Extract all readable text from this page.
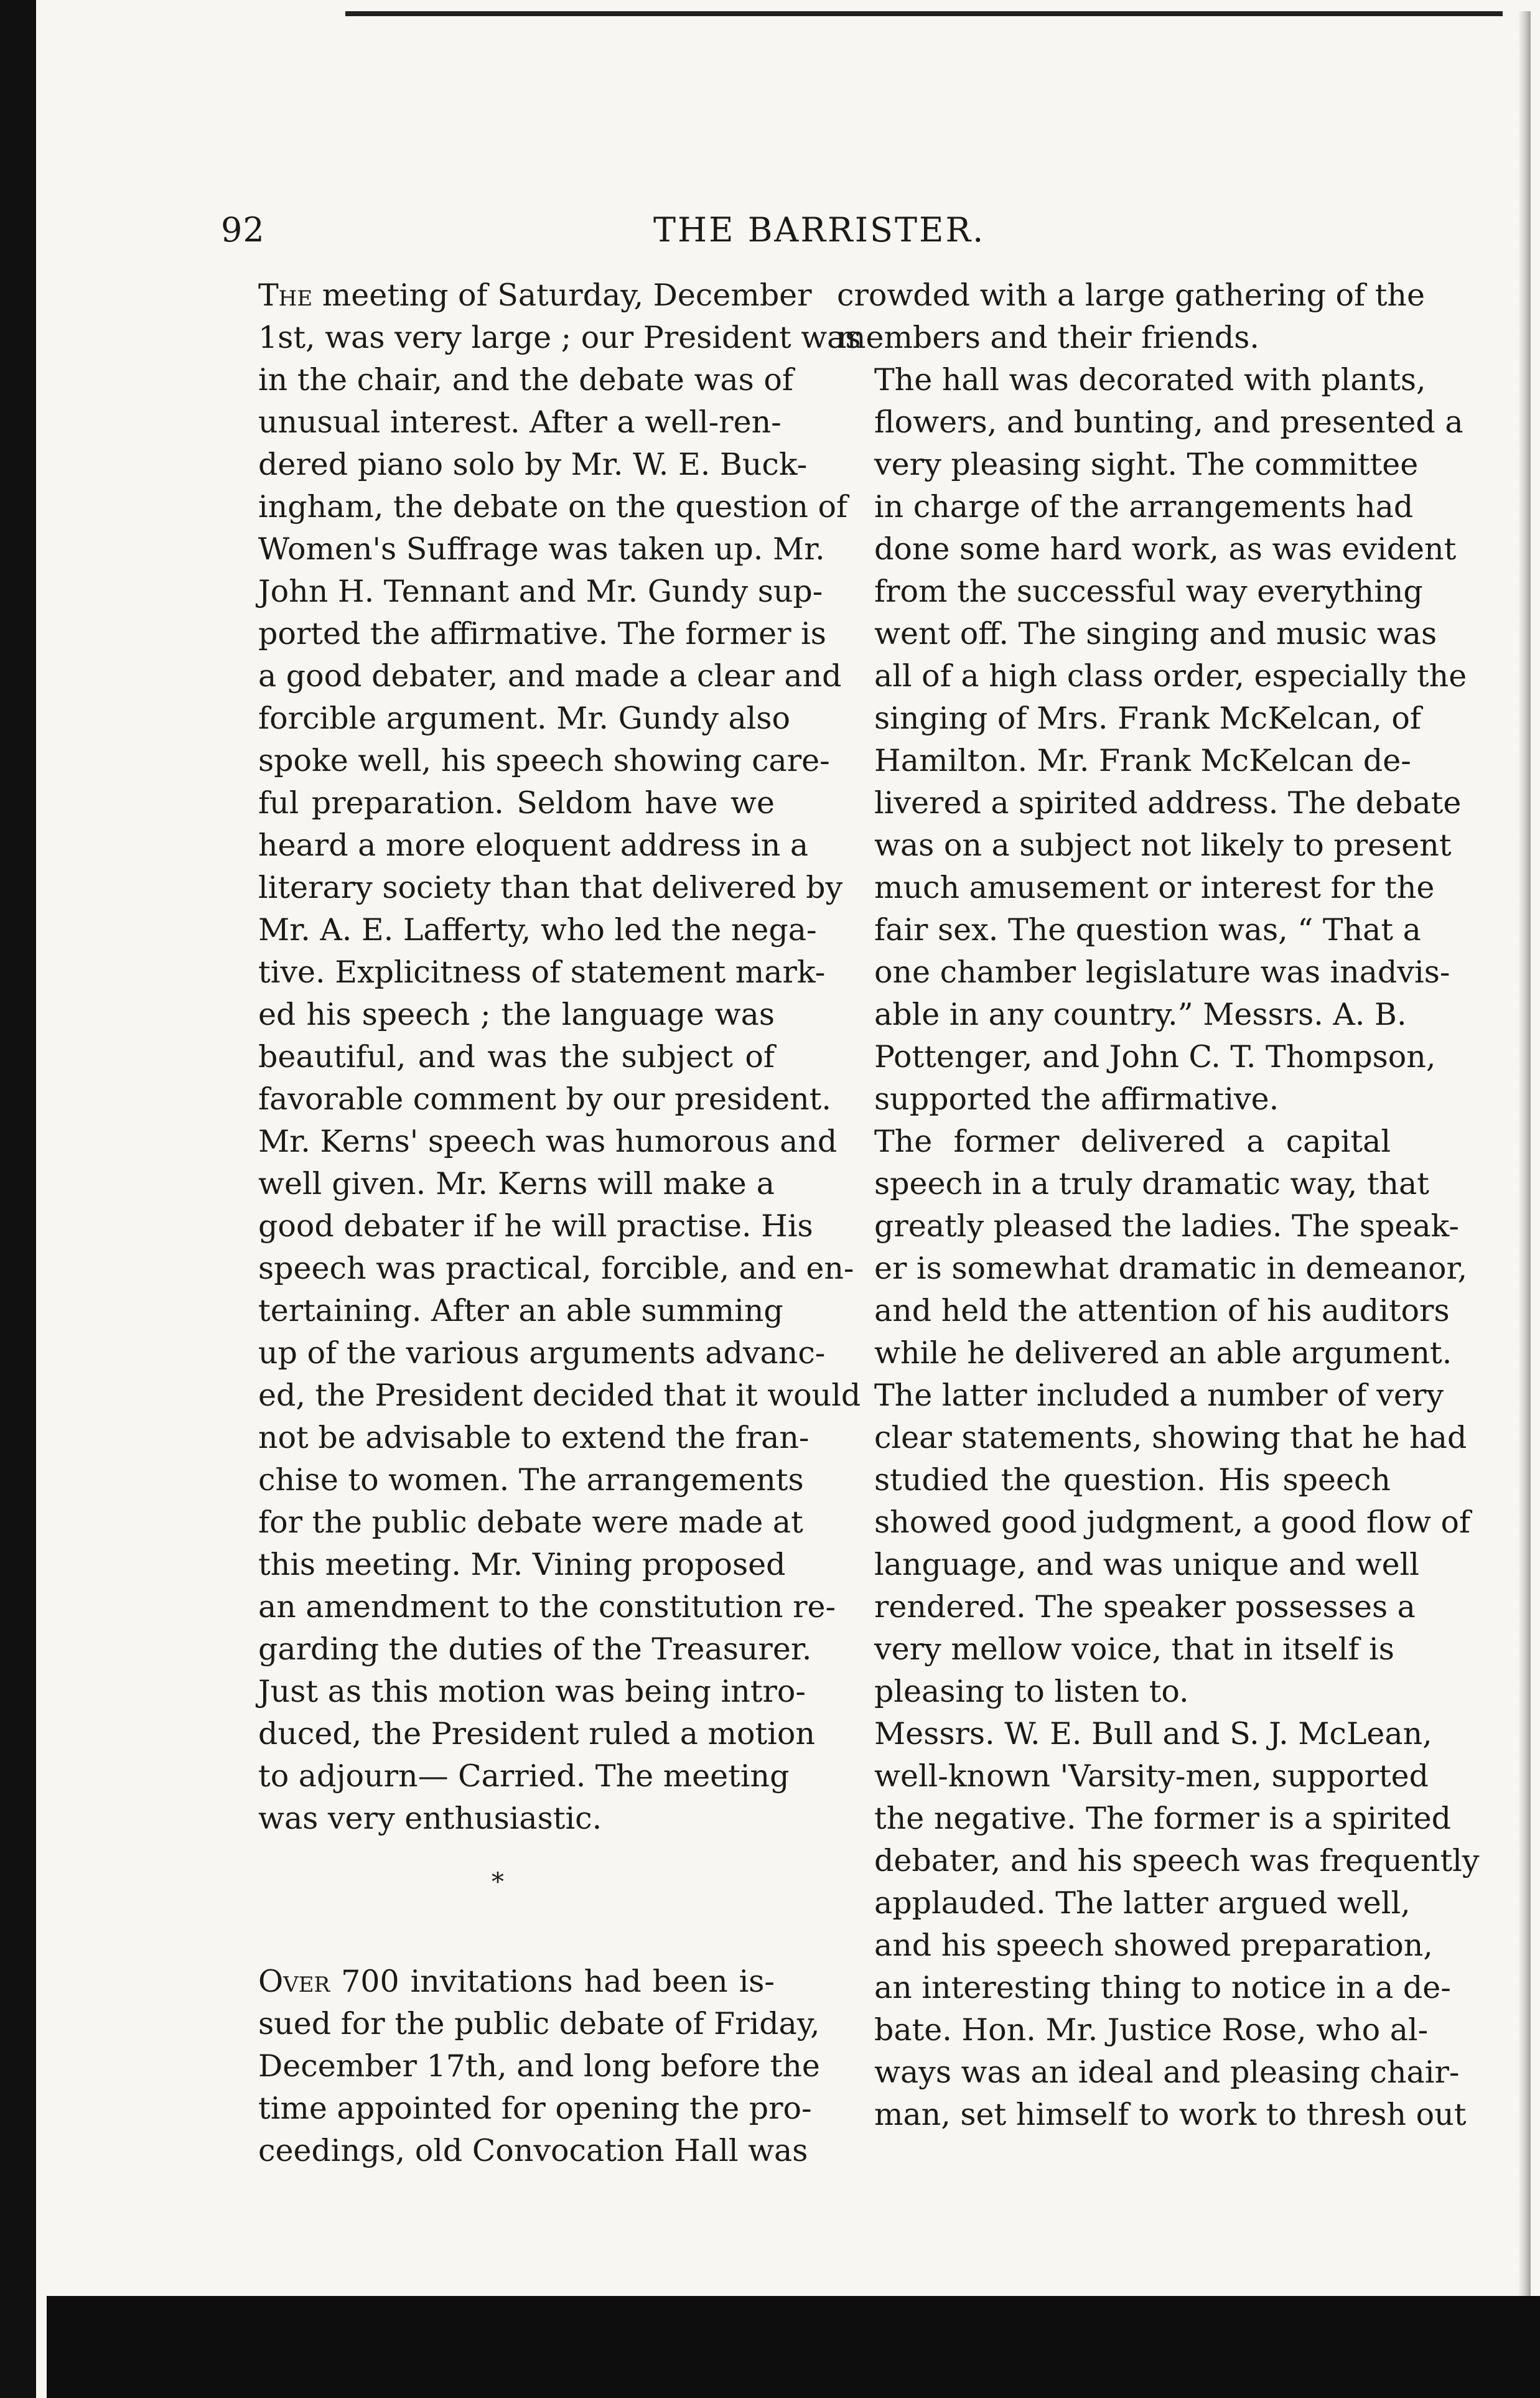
92	THE BARRISTER.
The meeting of Saturday, December
1st, was very large ; our President was
in the chair, and the debate was of
unusual interest. After a well-ren-
dered piano solo by Mr. W. E. Buck-
ingham, the debate on the question of
Women's Suffrage was taken up. Mr.
John H. Tennant and Mr. Gundy sup-
ported the affirmative. The former is
a good debater, and made a clear and
forcible argument. Mr. Gundy also
spoke well, his speech showing care-
ful preparation. Seldom have we
heard a more eloquent address in a
literary society than that delivered by
Mr. A. E. Lafferty, who led the nega-
tive. Explicitness of statement mark-
ed his speech ; the language was
beautiful, and was the subject of
favorable comment by our president.
Mr. Kerns' speech was humorous and
well given. Mr. Kerns will make a
good debater if he will practise. His
speech was practical, forcible, and en-
tertaining. After an able summing
up of the various arguments advanc-
ed, the President decided that it would
not be advisable to extend the fran-
chise to women. The arrangements
for the public debate were made at
this meeting. Mr. Vining proposed
an amendment to the constitution re-
garding the duties of the Treasurer.
Just as this motion was being intro-
duced, the President ruled a motion
to adjourn— Carried. The meeting
was very enthusiastic.
*
Over 700 invitations had been is-
sued for the public debate of Friday,
December 17th, and long before the
time appointed for opening the pro-
ceedings, old Convocation Hall was
crowded with a large gathering of the
members and their friends.
The hall was decorated with plants,
flowers, and bunting, and presented a
very pleasing sight. The committee
in charge of the arrangements had
done some hard work, as was evident
from the successful way everything
went off. The singing and music was
all of a high class order, especially the
singing of Mrs. Frank McKelcan, of
Hamilton. Mr. Frank McKelcan de-
livered a spirited address. The debate
was on a subject not likely to present
much amusement or interest for the
fair sex. The question was, “ That a
one chamber legislature was inadvis-
able in any country.” Messrs. A. B.
Pottenger, and John C. T. Thompson,
supported the affirmative.
The former delivered a capital
speech in a truly dramatic way, that
greatly pleased the ladies. The speak-
er is somewhat dramatic in demeanor,
and held the attention of his auditors
while he delivered an able argument.
The latter included a number of very
clear statements, showing that he had
studied the question. His speech
showed good judgment, a good flow of
language, and was unique and well
rendered. The speaker possesses a
very mellow voice, that in itself is
pleasing to listen to.
Messrs. W. E. Bull and S. J. McLean,
well-known 'Varsity-men, supported
the negative. The former is a spirited
debater, and his speech was frequently
applauded. The latter argued well,
and his speech showed preparation,
an interesting thing to notice in a de-
bate. Hon. Mr. Justice Rose, who al-
ways was an ideal and pleasing chair-
man, set himself to work to thresh out
